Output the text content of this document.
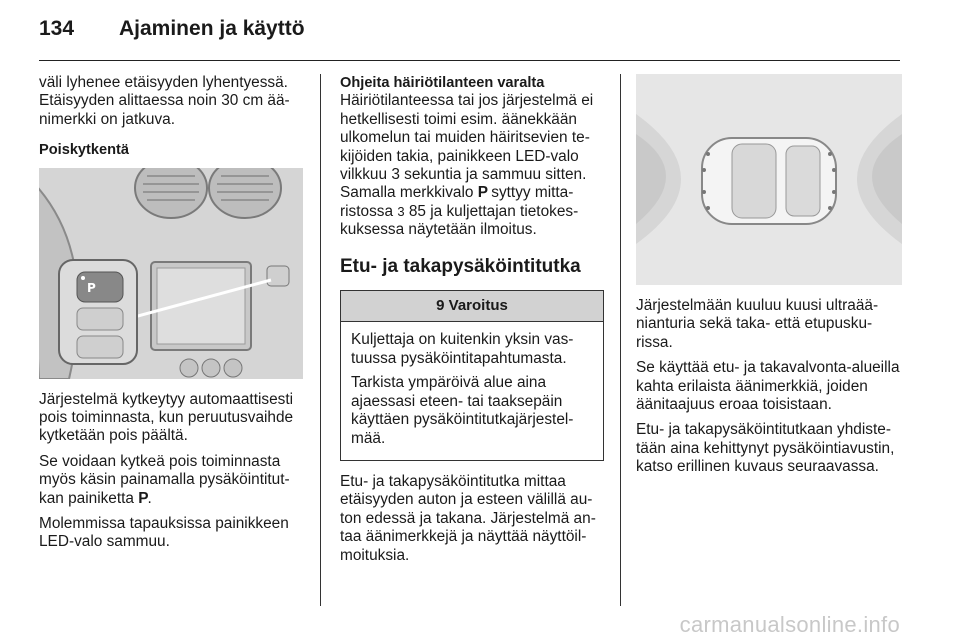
134 Ajaminen ja käyttö

väli lyhenee etäisyyden lyhentyessä. Etäisyyden alittaessa noin 30 cm äänimerkki on jatkuva.

Poiskytkentä
P

Järjestelmä kytkeytyy automaattisesti pois toiminnasta, kun peruutusvaihde kytketään pois päältä.

Se voidaan kytkeä pois toiminnasta myös käsin painamalla pysäköintitutkan painiketta P.

Molemmissa tapauksissa painikkeen LED-valo sammuu.

Ohjeita häiriötilanteen varalta

Häiriötilanteessa tai jos järjestelmä ei hetkellisesti toimi esim. äänekkään ulkomelun tai muiden häiritsevien tekijöiden takia, painikkeen LED-valo vilkkuu 3 sekuntia ja sammuu sitten. Samalla merkkivalo P syttyy mittaristossa 3 85 ja kuljettajan tietokeskuksessa näytetään ilmoitus.

Etu- ja takapysäköintitutka
9 Varoitus

Kuljettaja on kuitenkin yksin vastuussa pysäköintitapahtumasta.

Tarkista ympäröivä alue aina ajaessasi eteen- tai taaksepäin käyttäen pysäköintitutkajärjestelmää.

Etu- ja takapysäköintitutka mittaa etäisyyden auton ja esteen välillä auton edessä ja takana. Järjestelmä antaa äänimerkkejä ja näyttää näyttöilmoituksia.

Järjestelmään kuuluu kuusi ultraäänianturia sekä taka- että etupuskurissa.

Se käyttää etu- ja takavalvonta-alueilla kahta erilaista äänimerkkiä, joiden äänitaajuus eroaa toisistaan.

Etu- ja takapysäköintitutkaan yhdistetään aina kehittynyt pysäköintiavustin, katso erillinen kuvaus seuraavassa.

carmanualsonline.info
